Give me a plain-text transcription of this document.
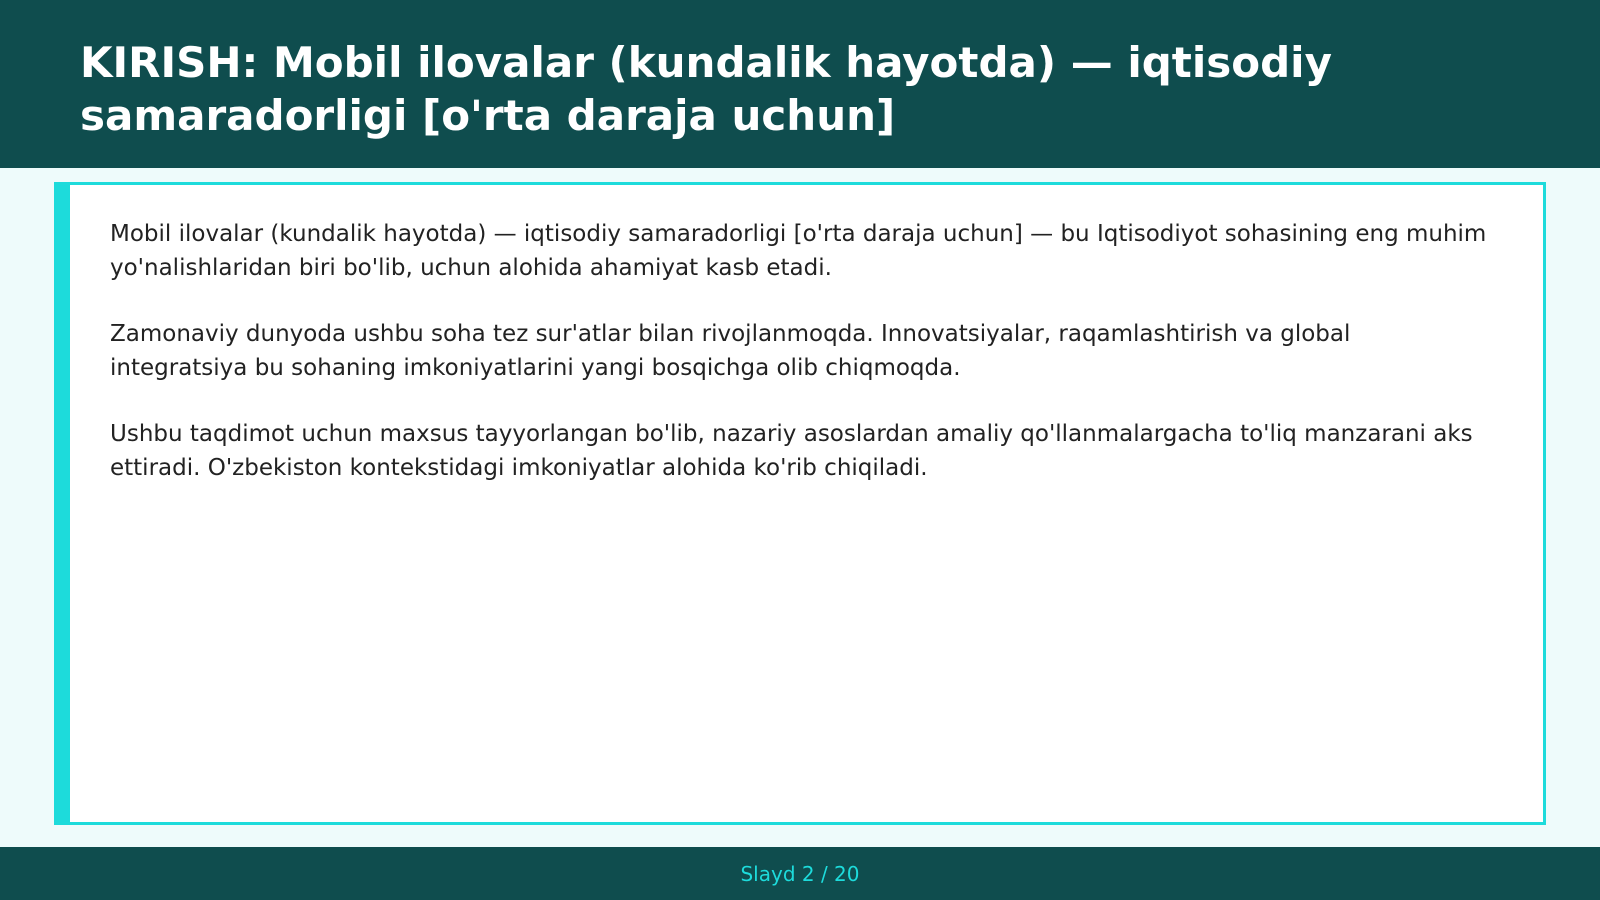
KIRISH: Mobil ilovalar (kundalik hayotda) — iqtisodiy samaradorligi [o'rta daraja uchun]

Mobil ilovalar (kundalik hayotda) — iqtisodiy samaradorligi [o'rta daraja uchun] — bu Iqtisodiyot sohasining eng muhim yo'nalishlaridan biri bo'lib, uchun alohida ahamiyat kasb etadi.

Zamonaviy dunyoda ushbu soha tez sur'atlar bilan rivojlanmoqda. Innovatsiyalar, raqamlashtirish va global integratsiya bu sohaning imkoniyatlarini yangi bosqichga olib chiqmoqda.

Ushbu taqdimot uchun maxsus tayyorlangan bo'lib, nazariy asoslardan amaliy qo'llanmalargacha to'liq manzarani aks ettiradi. O'zbekiston kontekstidagi imkoniyatlar alohida ko'rib chiqiladi.

Slayd 2 / 20
